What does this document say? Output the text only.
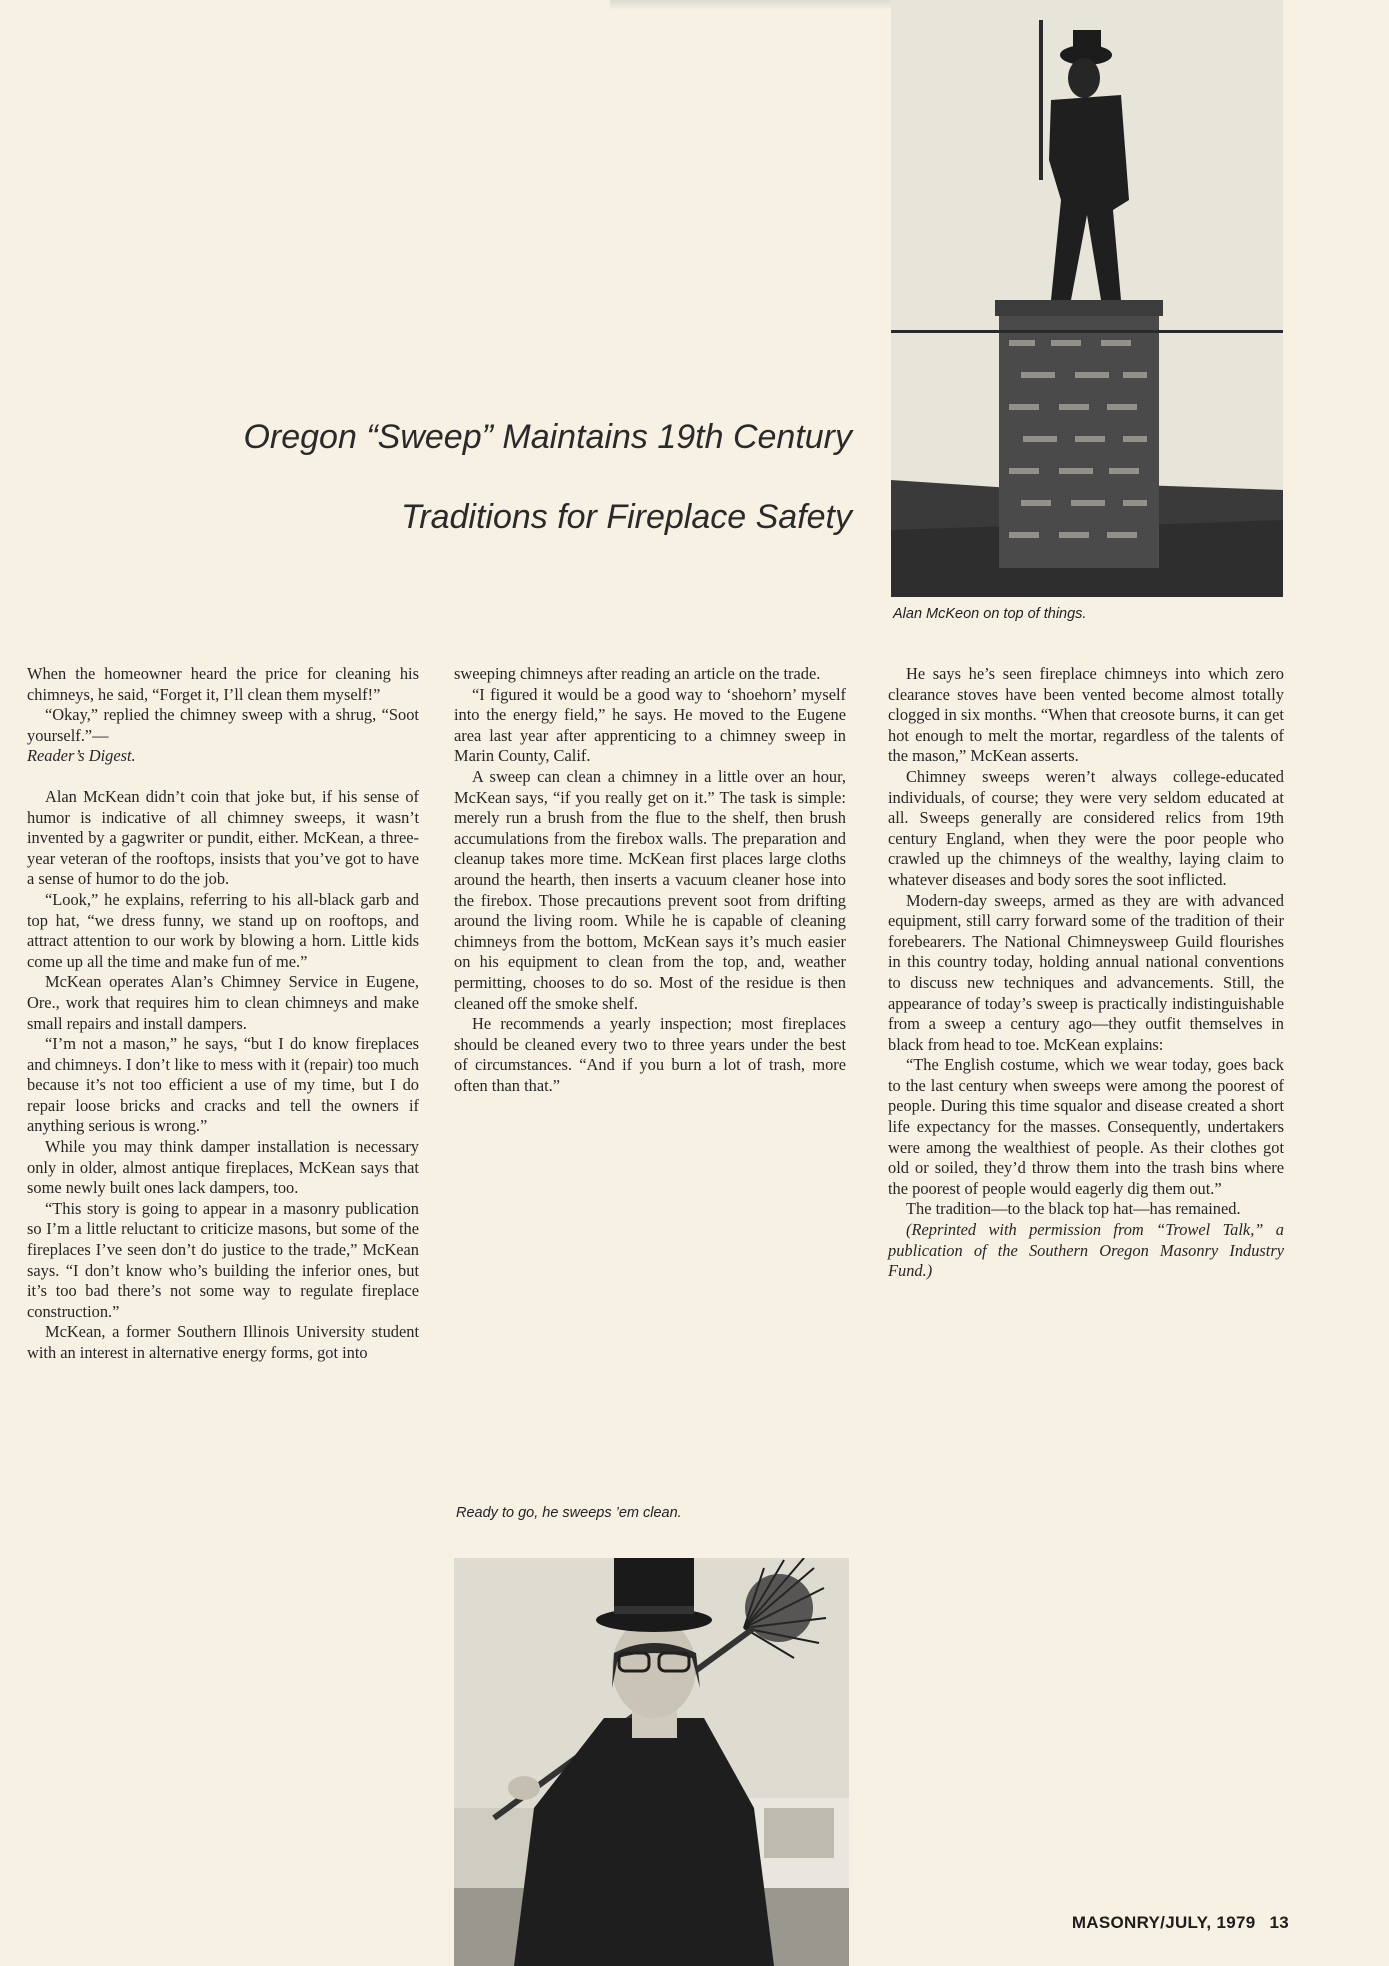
Oregon “Sweep” Maintains 19th Century
Traditions for Fireplace Safety
Alan McKeon on top of things.

When the homeowner heard the price for cleaning his chimneys, he said, “Forget it, I’ll clean them myself!”

“Okay,” replied the chimney sweep with a shrug, “Soot yourself.”—

Reader’s Digest.

Alan McKean didn’t coin that joke but, if his sense of humor is indicative of all chimney sweeps, it wasn’t invented by a gagwriter or pundit, either. McKean, a three-year veteran of the rooftops, insists that you’ve got to have a sense of humor to do the job.

“Look,” he explains, referring to his all-black garb and top hat, “we dress funny, we stand up on rooftops, and attract attention to our work by blowing a horn. Little kids come up all the time and make fun of me.”

McKean operates Alan’s Chimney Service in Eugene, Ore., work that requires him to clean chimneys and make small repairs and install dampers.

“I’m not a mason,” he says, “but I do know fireplaces and chimneys. I don’t like to mess with it (repair) too much because it’s not too efficient a use of my time, but I do repair loose bricks and cracks and tell the owners if anything serious is wrong.”

While you may think damper installation is necessary only in older, almost antique fireplaces, McKean says that some newly built ones lack dampers, too.

“This story is going to appear in a masonry publication so I’m a little reluctant to criticize masons, but some of the fireplaces I’ve seen don’t do justice to the trade,” McKean says. “I don’t know who’s building the inferior ones, but it’s too bad there’s not some way to regulate fireplace construction.”

McKean, a former Southern Illinois University student with an interest in alternative energy forms, got into

sweeping chimneys after reading an article on the trade.

“I figured it would be a good way to ‘shoehorn’ myself into the energy field,” he says. He moved to the Eugene area last year after apprenticing to a chimney sweep in Marin County, Calif.

A sweep can clean a chimney in a little over an hour, McKean says, “if you really get on it.” The task is simple: merely run a brush from the flue to the shelf, then brush accumulations from the firebox walls. The preparation and cleanup takes more time. McKean first places large cloths around the hearth, then inserts a vacuum cleaner hose into the firebox. Those precautions prevent soot from drifting around the living room. While he is capable of cleaning chimneys from the bottom, McKean says it’s much easier on his equipment to clean from the top, and, weather permitting, chooses to do so. Most of the residue is then cleaned off the smoke shelf.

He recommends a yearly inspection; most fireplaces should be cleaned every two to three years under the best of circumstances. “And if you burn a lot of trash, more often than that.”

Ready to go, he sweeps ’em clean.

He says he’s seen fireplace chimneys into which zero clearance stoves have been vented become almost totally clogged in six months. “When that creosote burns, it can get hot enough to melt the mortar, regardless of the talents of the mason,” McKean asserts.

Chimney sweeps weren’t always college-educated individuals, of course; they were very seldom educated at all. Sweeps generally are considered relics from 19th century England, when they were the poor people who crawled up the chimneys of the wealthy, laying claim to whatever diseases and body sores the soot inflicted.

Modern-day sweeps, armed as they are with advanced equipment, still carry forward some of the tradition of their forebearers. The National Chimneysweep Guild flourishes in this country today, holding annual national conventions to discuss new techniques and advancements. Still, the appearance of today’s sweep is practically indistinguishable from a sweep a century ago—they outfit themselves in black from head to toe. McKean explains:

“The English costume, which we wear today, goes back to the last century when sweeps were among the poorest of people. During this time squalor and disease created a short life expectancy for the masses. Consequently, undertakers were among the wealthiest of people. As their clothes got old or soiled, they’d throw them into the trash bins where the poorest of people would eagerly dig them out.”

The tradition—to the black top hat—has remained.

(Reprinted with permission from “Trowel Talk,” a publication of the Southern Oregon Masonry Industry Fund.)

MASONRY/JULY, 1979 13
